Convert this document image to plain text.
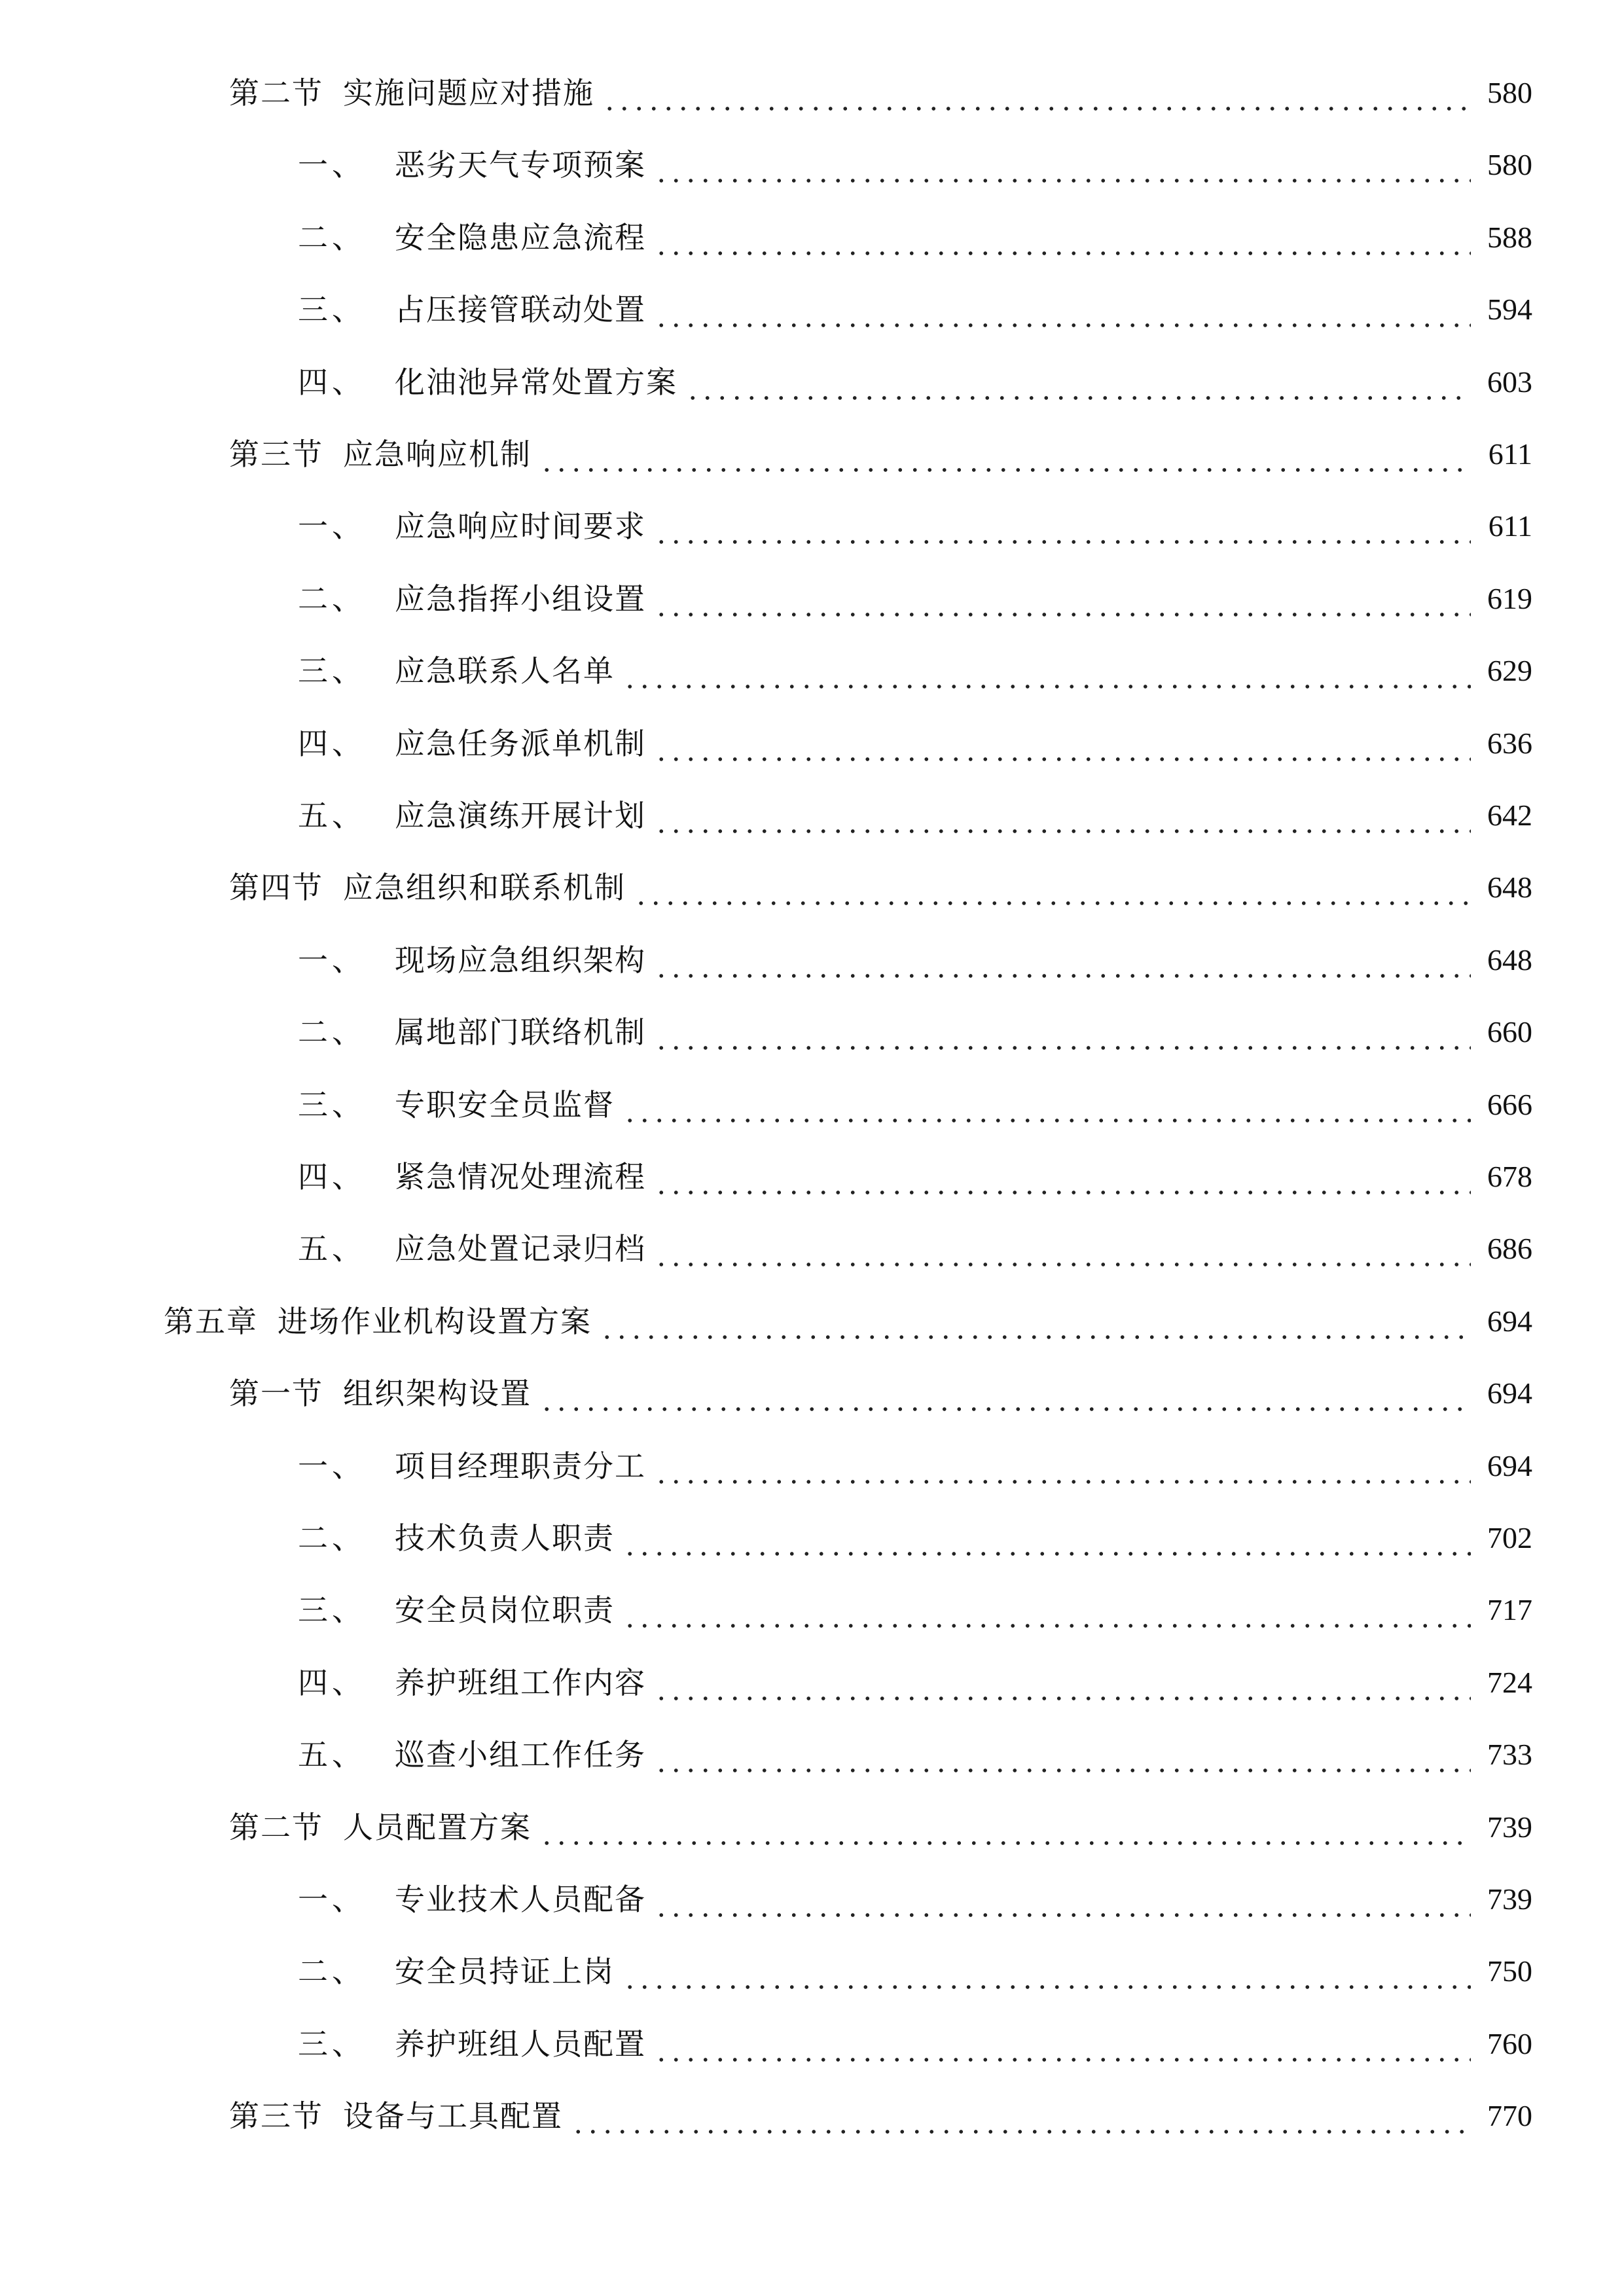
第二节 实施问题应对措施	580
一、 恶劣天气专项预案	580
二、 安全隐患应急流程	588
三、 占压接管联动处置	594
四、 化油池异常处置方案	603
第三节 应急响应机制	611
一、 应急响应时间要求	611
二、 应急指挥小组设置	619
三、 应急联系人名单	629
四、 应急任务派单机制	636
五、 应急演练开展计划	642
第四节 应急组织和联系机制	648
一、 现场应急组织架构	648
二、 属地部门联络机制	660
三、 专职安全员监督	666
四、 紧急情况处理流程	678
五、 应急处置记录归档	686
第五章 进场作业机构设置方案	694
第一节 组织架构设置	694
一、 项目经理职责分工	694
二、 技术负责人职责	702
三、 安全员岗位职责	717
四、 养护班组工作内容	724
五、 巡查小组工作任务	733
第二节 人员配置方案	739
一、 专业技术人员配备	739
二、 安全员持证上岗	750
三、 养护班组人员配置	760
第三节 设备与工具配置	770
